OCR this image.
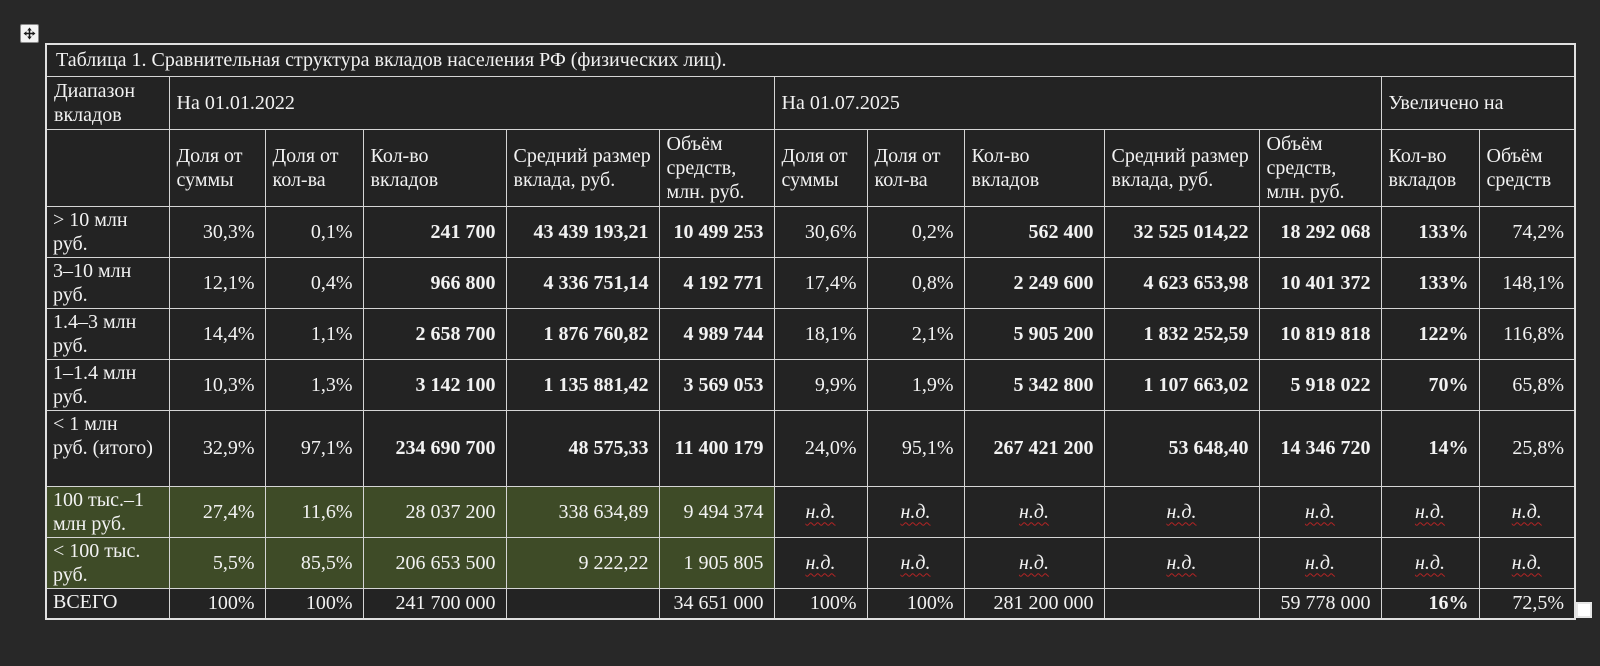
Таблица 1. Сравнительная структура вкладов населения РФ (физических лиц).												
Диапазон вкладов	На 01.01.2022					На 01.07.2025					Увеличено на	
	Доля от суммы	Доля от кол-ва	Кол-во вкладов	Средний размер вклада, руб.	Объём средств, млн. руб.	Доля от суммы	Доля от кол-ва	Кол-во вкладов	Средний размер вклада, руб.	Объём средств, млн. руб.	Кол-во вкладов	Объём средств
> 10 млн руб.	30,3%	0,1%	241 700	43 439 193,21	10 499 253	30,6%	0,2%	562 400	32 525 014,22	18 292 068	133%	74,2%
3–10 млн руб.	12,1%	0,4%	966 800	4 336 751,14	4 192 771	17,4%	0,8%	2 249 600	4 623 653,98	10 401 372	133%	148,1%
1.4–3 млн руб.	14,4%	1,1%	2 658 700	1 876 760,82	4 989 744	18,1%	2,1%	5 905 200	1 832 252,59	10 819 818	122%	116,8%
1–1.4 млн руб.	10,3%	1,3%	3 142 100	1 135 881,42	3 569 053	9,9%	1,9%	5 342 800	1 107 663,02	5 918 022	70%	65,8%
< 1 млн руб. (итого)	32,9%	97,1%	234 690 700	48 575,33	11 400 179	24,0%	95,1%	267 421 200	53 648,40	14 346 720	14%	25,8%
100 тыс.–1 млн руб.	27,4%	11,6%	28 037 200	338 634,89	9 494 374	н.д.	н.д.	н.д.	н.д.	н.д.	н.д.	н.д.
< 100 тыс. руб.	5,5%	85,5%	206 653 500	9 222,22	1 905 805	н.д.	н.д.	н.д.	н.д.	н.д.	н.д.	н.д.
ВСЕГО	100%	100%	241 700 000		34 651 000	100%	100%	281 200 000		59 778 000	16%	72,5%
